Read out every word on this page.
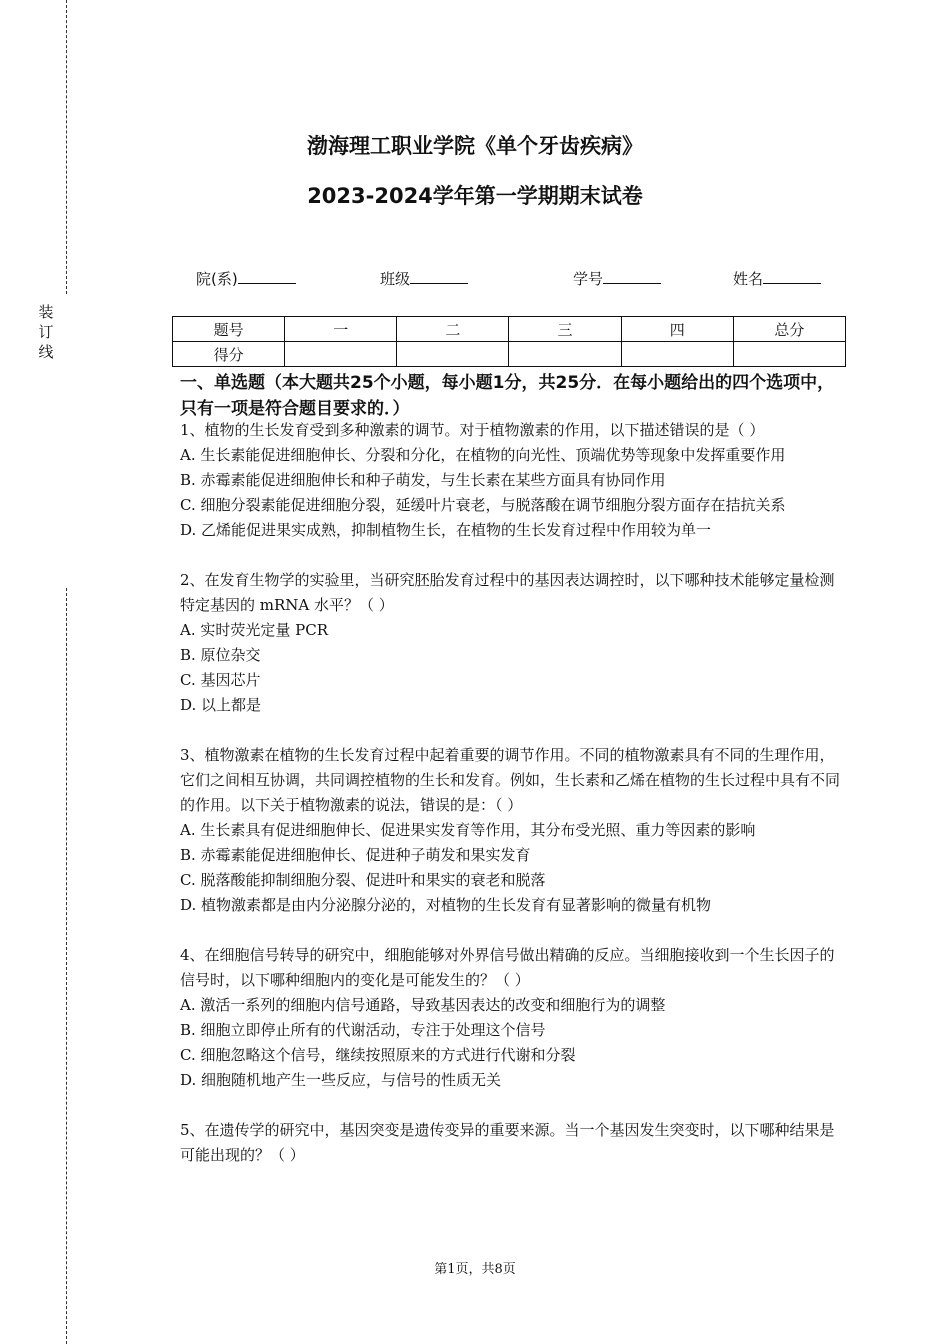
装订线
渤海理工职业学院《单个牙齿疾病》
2023-2024学年第一学期期末试卷
院(系)	班级	学号	姓名
题号	一	二	三	四	总分
得分					
一、单选题（本大题共25个小题，每小题1分，共25分．在每小题给出的四个选项中，只有一项是符合题目要求的．）

1、植物的生长发育受到多种激素的调节。对于植物激素的作用，以下描述错误的是（ ）

A. 生长素能促进细胞伸长、分裂和分化，在植物的向光性、顶端优势等现象中发挥重要作用

B. 赤霉素能促进细胞伸长和种子萌发，与生长素在某些方面具有协同作用

C. 细胞分裂素能促进细胞分裂，延缓叶片衰老，与脱落酸在调节细胞分裂方面存在拮抗关系

D. 乙烯能促进果实成熟，抑制植物生长，在植物的生长发育过程中作用较为单一

2、在发育生物学的实验里，当研究胚胎发育过程中的基因表达调控时，以下哪种技术能够定量检测特定基因的 mRNA 水平？（ ）

A. 实时荧光定量 PCR

B. 原位杂交

C. 基因芯片

D. 以上都是

3、植物激素在植物的生长发育过程中起着重要的调节作用。不同的植物激素具有不同的生理作用，它们之间相互协调，共同调控植物的生长和发育。例如，生长素和乙烯在植物的生长过程中具有不同的作用。以下关于植物激素的说法，错误的是：（ ）

A. 生长素具有促进细胞伸长、促进果实发育等作用，其分布受光照、重力等因素的影响

B. 赤霉素能促进细胞伸长、促进种子萌发和果实发育

C. 脱落酸能抑制细胞分裂、促进叶和果实的衰老和脱落

D. 植物激素都是由内分泌腺分泌的，对植物的生长发育有显著影响的微量有机物

4、在细胞信号转导的研究中，细胞能够对外界信号做出精确的反应。当细胞接收到一个生长因子的信号时，以下哪种细胞内的变化是可能发生的？（ ）

A. 激活一系列的细胞内信号通路，导致基因表达的改变和细胞行为的调整

B. 细胞立即停止所有的代谢活动，专注于处理这个信号

C. 细胞忽略这个信号，继续按照原来的方式进行代谢和分裂

D. 细胞随机地产生一些反应，与信号的性质无关

5、在遗传学的研究中，基因突变是遗传变异的重要来源。当一个基因发生突变时，以下哪种结果是可能出现的？（ ）

第1页，共8页
